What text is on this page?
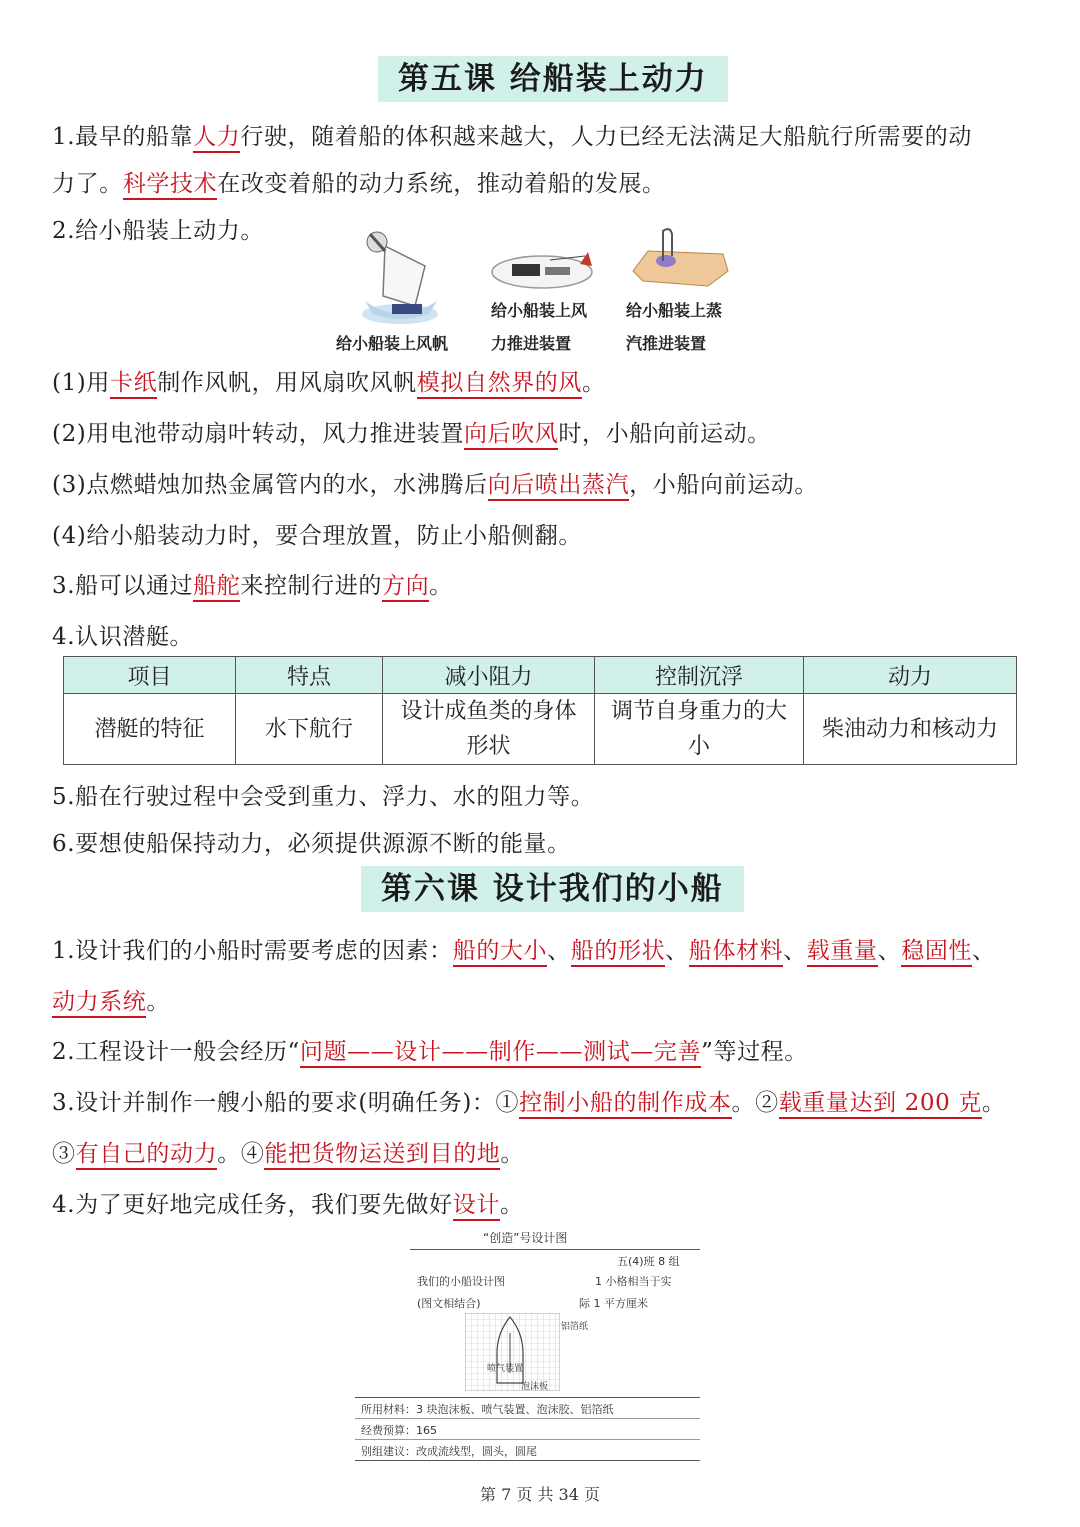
第五课 给船装上动力
1.最早的船靠人力行驶，随着船的体积越来越大，人力已经无法满足大船航行所需要的动
力了。科学技术在改变着船的动力系统，推动着船的发展。
2.给小船装上动力。
给小船装上风帆
给小船装上风
力推进装置
给小船装上蒸
汽推进装置
(1)用卡纸制作风帆，用风扇吹风帆模拟自然界的风。
(2)用电池带动扇叶转动，风力推进装置向后吹风时，小船向前运动。
(3)点燃蜡烛加热金属管内的水，水沸腾后向后喷出蒸汽，小船向前运动。
(4)给小船装动力时，要合理放置，防止小船侧翻。
3.船可以通过船舵来控制行进的方向。
4.认识潜艇。
项目	特点	减小阻力	控制沉浮	动力
潜艇的特征	水下航行	设计成鱼类的身体形状	调节自身重力的大小	柴油动力和核动力
5.船在行驶过程中会受到重力、浮力、水的阻力等。
6.要想使船保持动力，必须提供源源不断的能量。
第六课 设计我们的小船
1.设计我们的小船时需要考虑的因素：船的大小、船的形状、船体材料、载重量、稳固性、
动力系统。
2.工程设计一般会经历“问题——设计——制作——测试—完善”等过程。
3.设计并制作一艘小船的要求(明确任务)：①控制小船的制作成本。②载重量达到 200 克。
③有自己的动力。④能把货物运送到目的地。
4.为了更好地完成任务，我们要先做好设计。
“创造”号设计图
五(4)班 8 组
我们的小船设计图
(图文相结合)
1 小格相当于实
际 1 平方厘米
铝箔纸
喷气装置
泡沫板
所用材料：3 块泡沫板、喷气装置、泡沫胶、铝箔纸
经费预算：165
别组建议：改成流线型，圆头，圆尾
第 7 页 共 34 页
